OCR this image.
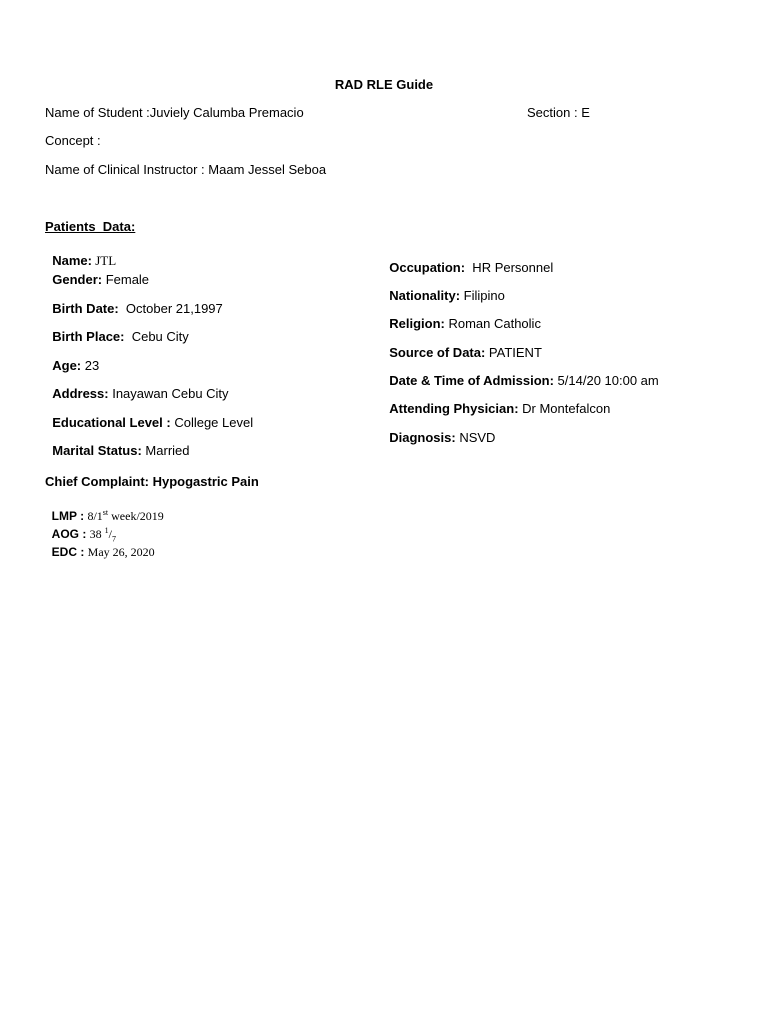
RAD RLE Guide
Name of Student :Juviely Calumba Premacio	Section : E
Concept :
Name of Clinical Instructor : Maam Jessel Seboa
Patients  Data:

Name: JTL

Gender: Female

Birth Date:  October 21,1997

Birth Place:  Cebu City

Age: 23

Address: Inayawan Cebu City

Educational Level : College Level

Marital Status: Married

Occupation:  HR Personnel

Nationality: Filipino

Religion: Roman Catholic

Source of Data: PATIENT

Date & Time of Admission: 5/14/20 10:00 am

Attending Physician: Dr Montefalcon

Diagnosis: NSVD

Chief Complaint: Hypogastric Pain

LMP : 8/1st week/2019

AOG : 38 $^1/_7$

EDC : May 26, 2020
